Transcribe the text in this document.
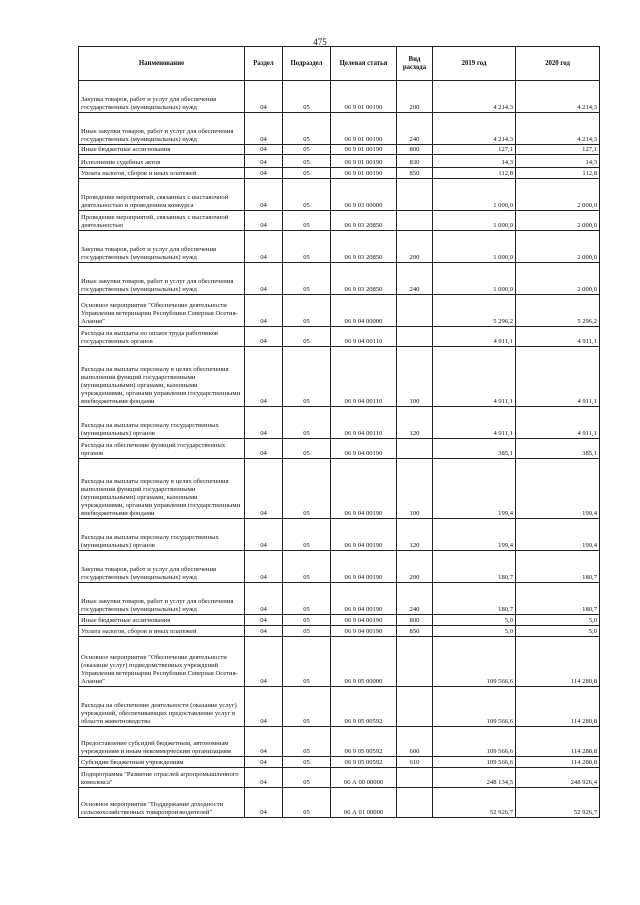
475
Наименование	Раздел	Подраздел	Целевая статья	Вид расхода	2019 год	2020 год
Закупка товаров, работ и услуг для обеспечения государственных (муниципальных) нужд	04	05	06 9 01 00190	200	4 214,3	4 214,3
Иные закупки товаров, работ и услуг для обеспечения государственных (муниципальных) нужд	04	05	06 9 01 00190	240	4 214,3	4 214,3
Иные бюджетные ассигнования	04	05	06 9 01 00190	800	127,1	127,1
Исполнение судебных актов	04	05	06 9 01 00190	830	14,3	14,3
Уплата налогов, сборов и иных платежей	04	05	06 9 01 00190	850	112,8	112,8
Проведение мероприятий, связанных с выставочной деятельностью и проведением конкурса	04	05	06 9 03 00000		1 000,0	2 000,0
Проведение мероприятий, связанных с выставочной деятельностью	04	05	06 9 03 20850		1 000,0	2 000,0
Закупка товаров, работ и услуг для обеспечения государственных (муниципальных) нужд	04	05	06 9 03 20850	200	1 000,0	2 000,0
Иные закупки товаров, работ и услуг для обеспечения государственных (муниципальных) нужд	04	05	06 9 03 20850	240	1 000,0	2 000,0
Основное мероприятие "Обеспечение деятельности Управления ветеринарии Республики Северная Осетия-Алания"	04	05	06 9 04 00000		5 296,2	5 296,2
Расходы на выплаты по оплате труда работников государственных органов	04	05	06 9 04 00110		4 911,1	4 911,1
Расходы на выплаты персоналу в целях обеспечения выполнения функций государственными (муниципальными) органами, казенными учреждениями, органами управления государственными внебюджетными фондами	04	05	06 9 04 00110	100	4 911,1	4 911,1
Расходы на выплаты персоналу государственных (муниципальных) органов	04	05	06 9 04 00110	120	4 911,1	4 911,1
Расходы на обеспечение функций государственных органов	04	05	06 9 04 00190		385,1	385,1
Расходы на выплаты персоналу в целях обеспечения выполнения функций государственными (муниципальными) органами, казенными учреждениями, органами управления государственными внебюджетными фондами	04	05	06 9 04 00190	100	199,4	199,4
Расходы на выплаты персоналу государственных (муниципальных) органов	04	05	06 9 04 00190	120	199,4	199,4
Закупка товаров, работ и услуг для обеспечения государственных (муниципальных) нужд	04	05	06 9 04 00190	200	180,7	180,7
Иные закупки товаров, работ и услуг для обеспечения государственных (муниципальных) нужд	04	05	06 9 04 00190	240	180,7	180,7
Иные бюджетные ассигнования	04	05	06 9 04 00190	800	5,0	5,0
Уплата налогов, сборов и иных платежей	04	05	06 9 04 00190	850	5,0	5,0
Основное мероприятие "Обеспечение деятельности (оказание услуг) подведомственных учреждений Управления ветеринарии Республики Северная Осетия-Алания"	04	05	06 9 05 00000		109 566,6	114 280,8
Расходы на обеспечение деятельности (оказание услуг) учреждений, обеспечивающих предоставление услуг в области животноводства	04	05	06 9 05 00592		109 566,6	114 280,8
Предоставление субсидий бюджетным, автономным учреждениям и иным некоммерческим организациям	04	05	06 9 05 00592	600	109 566,6	114 280,8
Субсидии бюджетным учреждениям	04	05	06 9 05 00592	610	109 566,6	114 280,8
Подпрограмма "Развитие отраслей агропромышленного комплекса"	04	05	06 А 00 00000		248 134,5	248 926,4
Основное мероприятие "Поддержание доходности сельскохозяйственных товаропроизводителей"	04	05	06 А 01 00000		52 926,7	52 926,7
